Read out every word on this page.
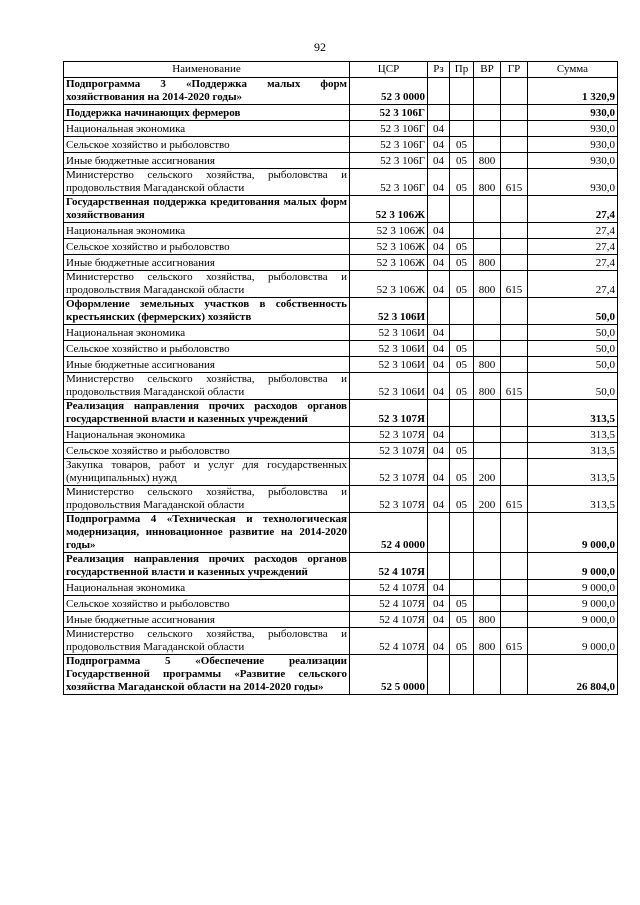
92
Наименование	ЦСР	Рз	Пр	ВР	ГР	Сумма
Подпрограмма 3 «Поддержка малых форм хозяйствования на 2014-2020 годы»	52 3 0000					1 320,9
Поддержка начинающих фермеров	52 3 106Г					930,0
Национальная экономика	52 3 106Г	04				930,0
Сельское хозяйство и рыболовство	52 3 106Г	04	05			930,0
Иные бюджетные ассигнования	52 3 106Г	04	05	800		930,0
Министерство сельского хозяйства, рыболовства и продовольствия Магаданской области	52 3 106Г	04	05	800	615	930,0
Государственная поддержка кредитования малых форм хозяйствования	52 3 106Ж					27,4
Национальная экономика	52 3 106Ж	04				27,4
Сельское хозяйство и рыболовство	52 3 106Ж	04	05			27,4
Иные бюджетные ассигнования	52 3 106Ж	04	05	800		27,4
Министерство сельского хозяйства, рыболовства и продовольствия Магаданской области	52 3 106Ж	04	05	800	615	27,4
Оформление земельных участков в собственность крестьянских (фермерских) хозяйств	52 3 106И					50,0
Национальная экономика	52 3 106И	04				50,0
Сельское хозяйство и рыболовство	52 3 106И	04	05			50,0
Иные бюджетные ассигнования	52 3 106И	04	05	800		50,0
Министерство сельского хозяйства, рыболовства и продовольствия Магаданской области	52 3 106И	04	05	800	615	50,0
Реализация направления прочих расходов органов государственной власти и казенных учреждений	52 3 107Я					313,5
Национальная экономика	52 3 107Я	04				313,5
Сельское хозяйство и рыболовство	52 3 107Я	04	05			313,5
Закупка товаров, работ и услуг для государственных (муниципальных) нужд	52 3 107Я	04	05	200		313,5
Министерство сельского хозяйства, рыболовства и продовольствия Магаданской области	52 3 107Я	04	05	200	615	313,5
Подпрограмма 4 «Техническая и технологическая модернизация, инновационное развитие на 2014-2020 годы»	52 4 0000					9 000,0
Реализация направления прочих расходов органов государственной власти и казенных учреждений	52 4 107Я					9 000,0
Национальная экономика	52 4 107Я	04				9 000,0
Сельское хозяйство и рыболовство	52 4 107Я	04	05			9 000,0
Иные бюджетные ассигнования	52 4 107Я	04	05	800		9 000,0
Министерство сельского хозяйства, рыболовства и продовольствия Магаданской области	52 4 107Я	04	05	800	615	9 000,0
Подпрограмма 5 «Обеспечение реализации Государственной программы «Развитие сельского хозяйства Магаданской области на 2014-2020 годы»	52 5 0000					26 804,0
